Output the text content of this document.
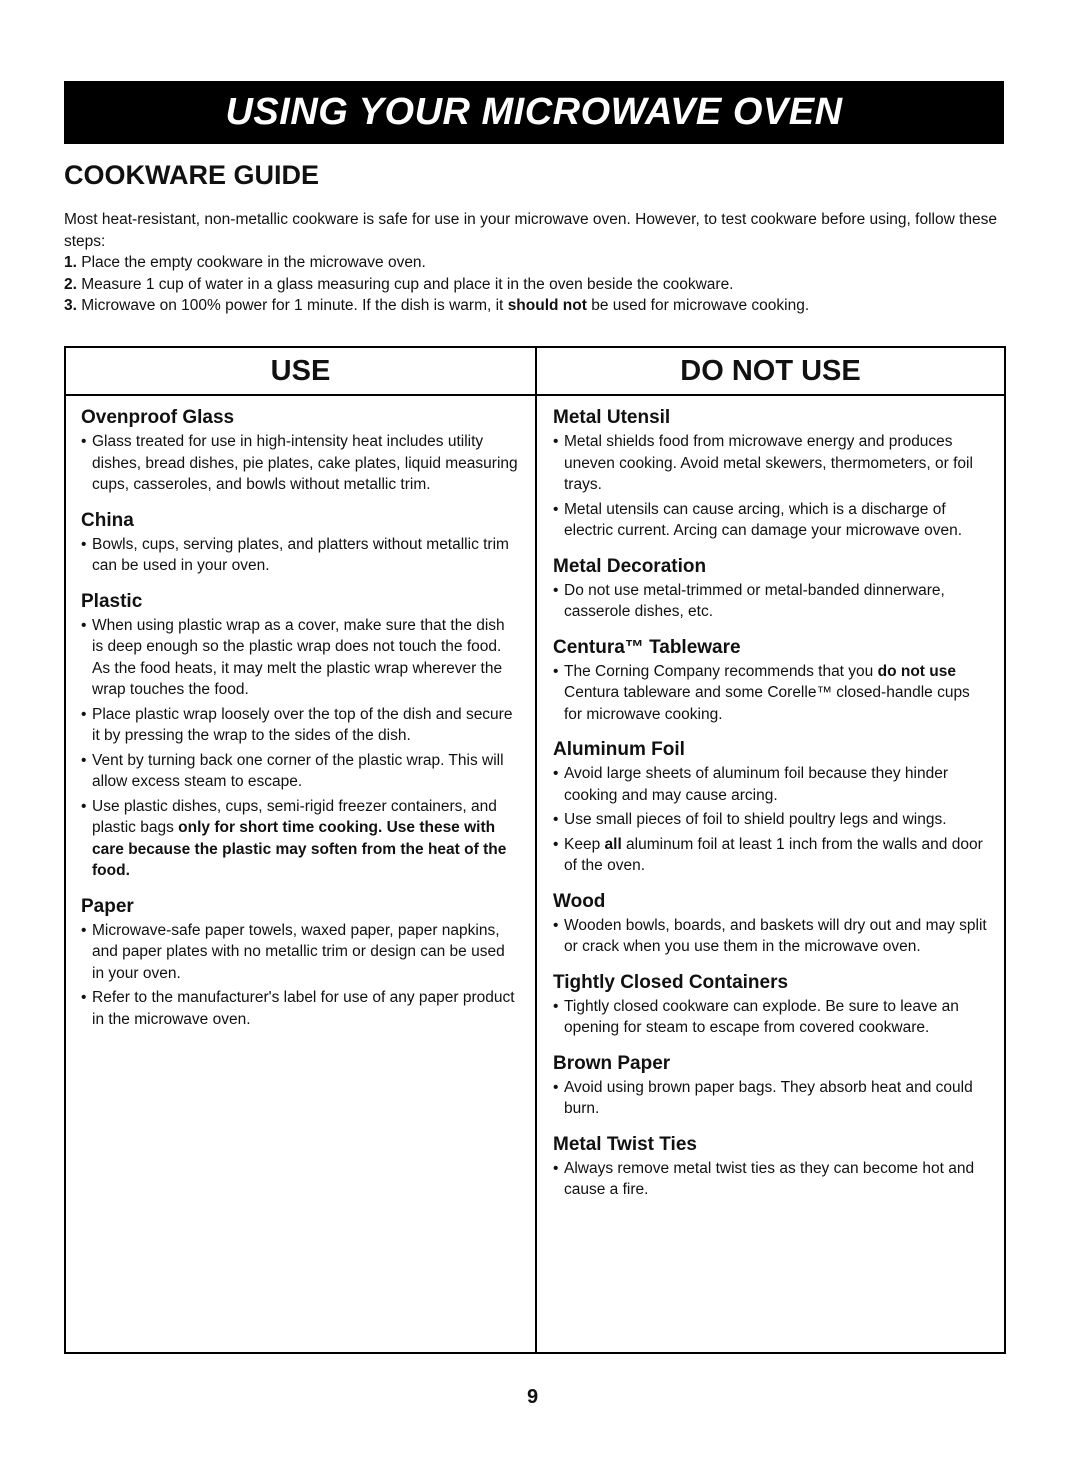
USING YOUR MICROWAVE OVEN
COOKWARE GUIDE

Most heat-resistant, non-metallic cookware is safe for use in your microwave oven. However, to test cookware before using, follow these steps:

1. Place the empty cookware in the microwave oven.

2. Measure 1 cup of water in a glass measuring cup and place it in the oven beside the cookware.

3. Microwave on 100% power for 1 minute. If the dish is warm, it should not be used for microwave cooking.

USE
Ovenproof Glass
• Glass treated for use in high-intensity heat includes utility dishes, bread dishes, pie plates, cake plates, liquid measuring cups, casseroles, and bowls without metallic trim.
China
• Bowls, cups, serving plates, and platters without metallic trim can be used in your oven.
Plastic
• When using plastic wrap as a cover, make sure that the dish is deep enough so the plastic wrap does not touch the food. As the food heats, it may melt the plastic wrap wherever the wrap touches the food.
• Place plastic wrap loosely over the top of the dish and secure it by pressing the wrap to the sides of the dish.
• Vent by turning back one corner of the plastic wrap. This will allow excess steam to escape.
• Use plastic dishes, cups, semi-rigid freezer containers, and plastic bags only for short time cooking. Use these with care because the plastic may soften from the heat of the food.
Paper
• Microwave-safe paper towels, waxed paper, paper napkins, and paper plates with no metallic trim or design can be used in your oven.
• Refer to the manufacturer's label for use of any paper product in the microwave oven.
DO NOT USE
Metal Utensil
• Metal shields food from microwave energy and produces uneven cooking. Avoid metal skewers, thermometers, or foil trays.
• Metal utensils can cause arcing, which is a discharge of electric current. Arcing can damage your microwave oven.
Metal Decoration
• Do not use metal-trimmed or metal-banded dinnerware, casserole dishes, etc.
Centura™ Tableware
• The Corning Company recommends that you do not use Centura tableware and some Corelle™ closed-handle cups for microwave cooking.
Aluminum Foil
• Avoid large sheets of aluminum foil because they hinder cooking and may cause arcing.
• Use small pieces of foil to shield poultry legs and wings.
• Keep all aluminum foil at least 1 inch from the walls and door of the oven.
Wood
• Wooden bowls, boards, and baskets will dry out and may split or crack when you use them in the microwave oven.
Tightly Closed Containers
• Tightly closed cookware can explode. Be sure to leave an opening for steam to escape from covered cookware.
Brown Paper
• Avoid using brown paper bags. They absorb heat and could burn.
Metal Twist Ties
• Always remove metal twist ties as they can become hot and cause a fire.
9
